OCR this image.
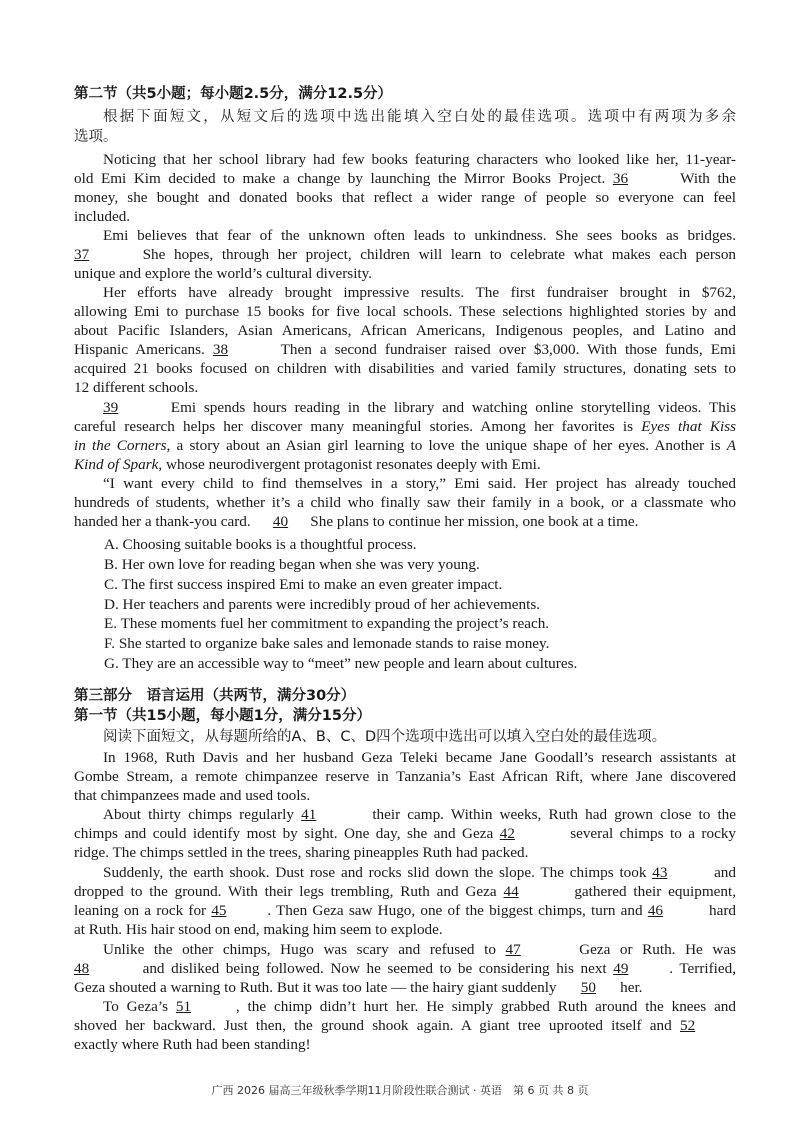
第二节（共5小题；每小题2.5分，满分12.5分）
根据下面短文，从短文后的选项中选出能填入空白处的最佳选项。选项中有两项为多余
选项。
Noticing that her school library had few books featuring characters who looked like her, 11-year-
old Emi Kim decided to make a change by launching the Mirror Books Project. 36	With the
money, she bought and donated books that reflect a wider range of people so everyone can feel
included.
Emi believes that fear of the unknown often leads to unkindness. She sees books as bridges.
37	She hopes, through her project, children will learn to celebrate what makes each person
unique and explore the world’s cultural diversity.
Her efforts have already brought impressive results. The first fundraiser brought in $762,
allowing Emi to purchase 15 books for five local schools. These selections highlighted stories by and
about Pacific Islanders, Asian Americans, African Americans, Indigenous peoples, and Latino and
Hispanic Americans. 38	Then a second fundraiser raised over $3,000. With those funds, Emi
acquired 21 books focused on children with disabilities and varied family structures, donating sets to
12 different schools.
39	Emi spends hours reading in the library and watching online storytelling videos. This
careful research helps her discover many meaningful stories. Among her favorites is Eyes that Kiss
in the Corners, a story about an Asian girl learning to love the unique shape of her eyes. Another is A
Kind of Spark, whose neurodivergent protagonist resonates deeply with Emi.
“I want every child to find themselves in a story,” Emi said. Her project has already touched
hundreds of students, whether it’s a child who finally saw their family in a book, or a classmate who
handed her a thank-you card. 40 She plans to continue her mission, one book at a time.
A. Choosing suitable books is a thoughtful process.
B. Her own love for reading began when she was very young.
C. The first success inspired Emi to make an even greater impact.
D. Her teachers and parents were incredibly proud of her achievements.
E. These moments fuel her commitment to expanding the project’s reach.
F. She started to organize bake sales and lemonade stands to raise money.
G. They are an accessible way to “meet” new people and learn about cultures.
第三部分　语言运用（共两节，满分30分）
第一节（共15小题，每小题1分，满分15分）
阅读下面短文，从每题所给的A、B、C、D四个选项中选出可以填入空白处的最佳选项。
In 1968, Ruth Davis and her husband Geza Teleki became Jane Goodall’s research assistants at
Gombe Stream, a remote chimpanzee reserve in Tanzania’s East African Rift, where Jane discovered
that chimpanzees made and used tools.
About thirty chimps regularly 41	their camp. Within weeks, Ruth had grown close to the
chimps and could identify most by sight. One day, she and Geza 42	several chimps to a rocky
ridge. The chimps settled in the trees, sharing pineapples Ruth had packed.
Suddenly, the earth shook. Dust rose and rocks slid down the slope. The chimps took 43	and
dropped to the ground. With their legs trembling, Ruth and Geza 44	gathered their equipment,
leaning on a rock for 45	. Then Geza saw Hugo, one of the biggest chimps, turn and 46	hard
at Ruth. His hair stood on end, making him seem to explode.
Unlike the other chimps, Hugo was scary and refused to 47	Geza or Ruth. He was
48	and disliked being followed. Now he seemed to be considering his next 49	. Terrified,
Geza shouted a warning to Ruth. But it was too late — the hairy giant suddenly 50 her.
To Geza’s 51	, the chimp didn’t hurt her. He simply grabbed Ruth around the knees and
shoved her backward. Just then, the ground shook again. A giant tree uprooted itself and 52
exactly where Ruth had been standing!
广西 2026 届高三年级秋季学期11月阶段性联合测试 · 英语　第 6 页 共 8 页
